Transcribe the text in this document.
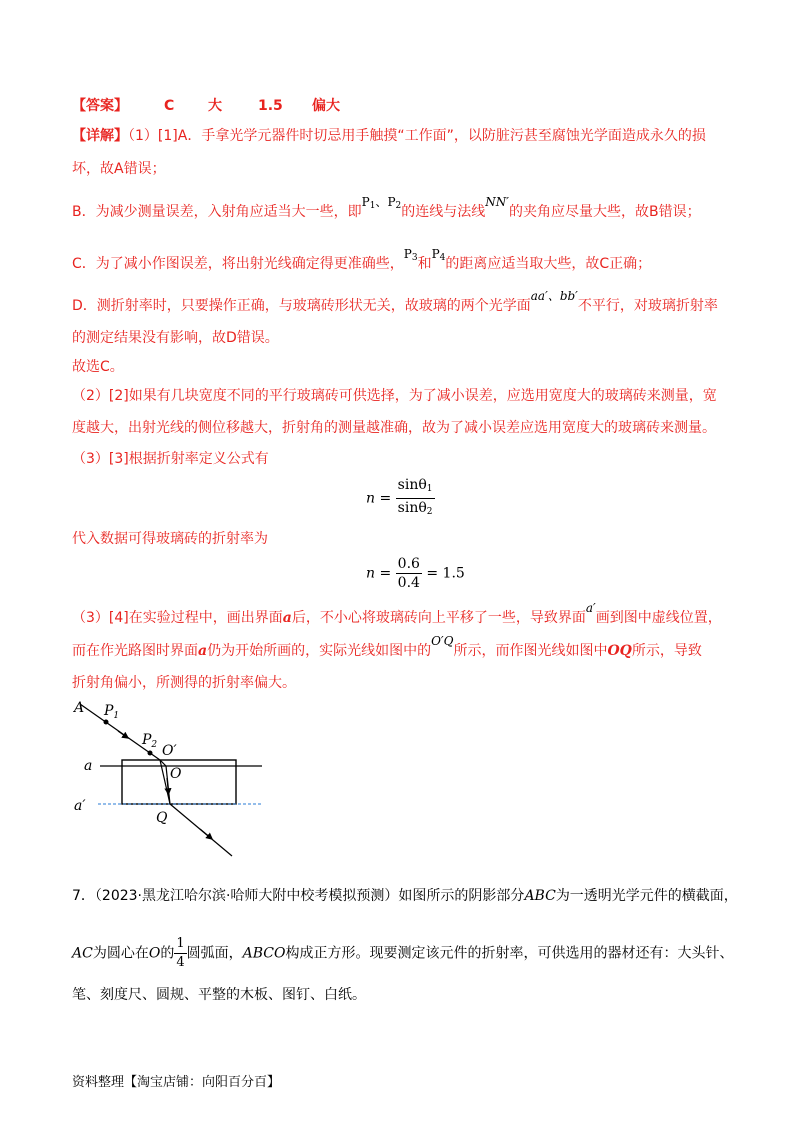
【答案】	C 大	1.5 偏大
【详解】（1）[1]A．手拿光学元器件时切忌用手触摸“工作面”，以防脏污甚至腐蚀光学面造成永久的损
坏，故A错误；
B．为减少测量误差，入射角应适当大一些，即$P_1$、$P_2$的连线与法线NN′的夹角应尽量大些，故B错误；
C．为了减小作图误差，将出射光线确定得更准确些，$P_3$和$P_4$的距离应适当取大些，故C正确；
D．测折射率时，只要操作正确，与玻璃砖形状无关，故玻璃的两个光学面aa′、bb′不平行，对玻璃折射率
的测定结果没有影响，故D错误。
故选C。
（2）[2]如果有几块宽度不同的平行玻璃砖可供选择，为了减小误差，应选用宽度大的玻璃砖来测量，宽
度越大，出射光线的侧位移越大，折射角的测量越准确，故为了减小误差应选用宽度大的玻璃砖来测量。
（3）[3]根据折射率定义公式有
$n = \frac{\sin\theta_1}{\sin\theta_2}$
代入数据可得玻璃砖的折射率为
$n = \frac{0.6}{0.4} = 1.5$
（3）[4]在实验过程中，画出界面a后，不小心将玻璃砖向上平移了一些，导致界面a′画到图中虚线位置，
而在作光路图时界面a仍为开始所画的，实际光线如图中的O′Q所示，而作图光线如图中OQ所示，导致
折射角偏小，所测得的折射率偏大。
A $P_1$
$P_2$ O′
O
a
a′
Q
7．（2023·黑龙江哈尔滨·哈师大附中校考模拟预测）如图所示的阴影部分ABC为一透明光学元件的横截面，
AC为圆心在O的 $\frac{1}{4}$ 圆弧面，ABCO构成正方形。现要测定该元件的折射率，可供选用的器材还有：大头针、
笔、刻度尺、圆规、平整的木板、图钉、白纸。
资料整理【淘宝店铺：向阳百分百】
